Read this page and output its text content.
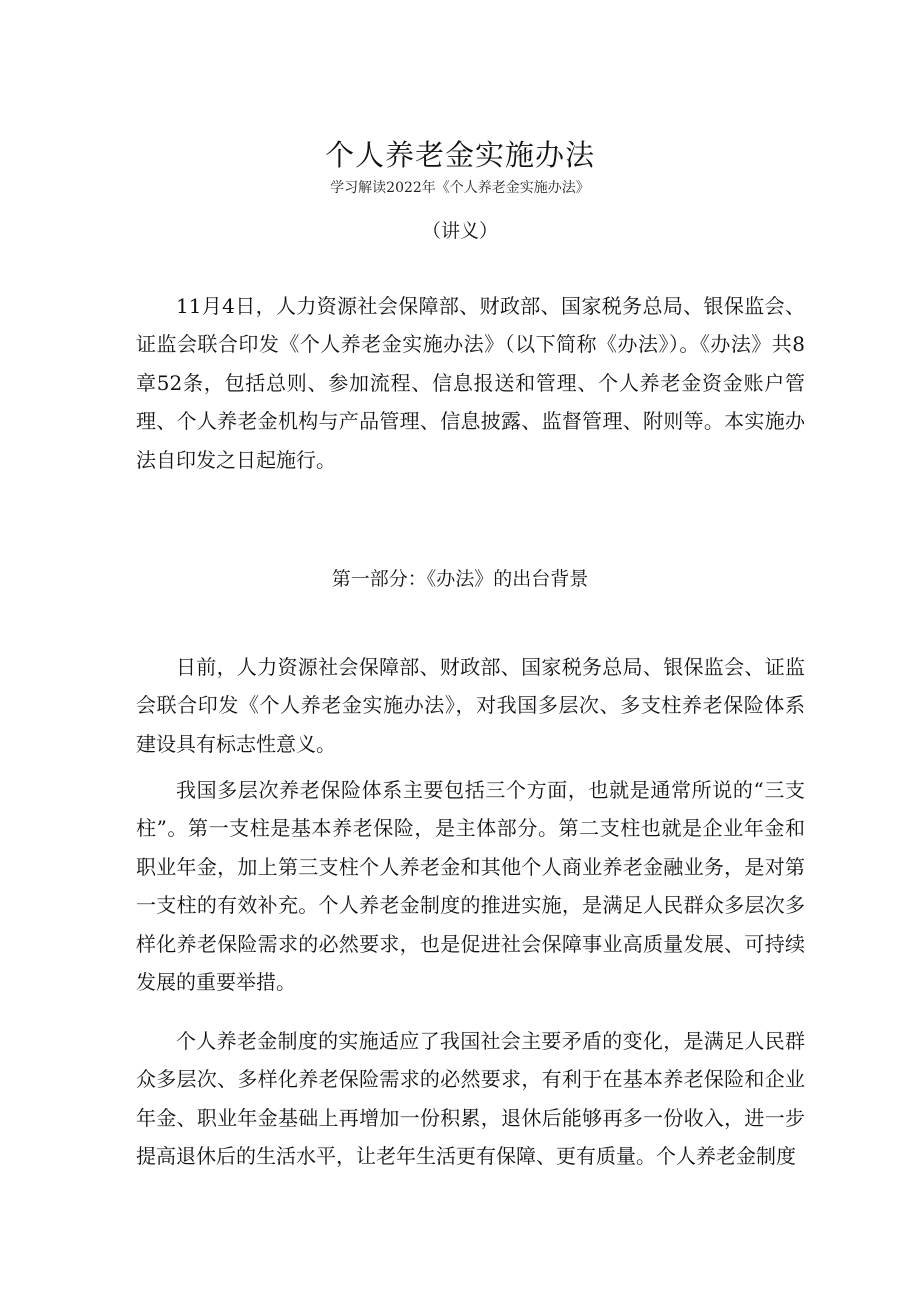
个人养老金实施办法
学习解读2022年《个人养老金实施办法》
（讲义）

11月4日，人力资源社会保障部、财政部、国家税务总局、银保监会、证监会联合印发《个人养老金实施办法》（以下简称《办法》）。《办法》共8章52条，包括总则、参加流程、信息报送和管理、个人养老金资金账户管理、个人养老金机构与产品管理、信息披露、监督管理、附则等。本实施办法自印发之日起施行。

第一部分：《办法》的出台背景

日前，人力资源社会保障部、财政部、国家税务总局、银保监会、证监会联合印发《个人养老金实施办法》，对我国多层次、多支柱养老保险体系建设具有标志性意义。

我国多层次养老保险体系主要包括三个方面，也就是通常所说的“三支柱”。第一支柱是基本养老保险，是主体部分。第二支柱也就是企业年金和职业年金，加上第三支柱个人养老金和其他个人商业养老金融业务，是对第一支柱的有效补充。个人养老金制度的推进实施，是满足人民群众多层次多样化养老保险需求的必然要求，也是促进社会保障事业高质量发展、可持续发展的重要举措。

个人养老金制度的实施适应了我国社会主要矛盾的变化，是满足人民群众多层次、多样化养老保险需求的必然要求，有利于在基本养老保险和企业年金、职业年金基础上再增加一份积累，退休后能够再多一份收入，进一步提高退休后的生活水平，让老年生活更有保障、更有质量。个人养老金制度
